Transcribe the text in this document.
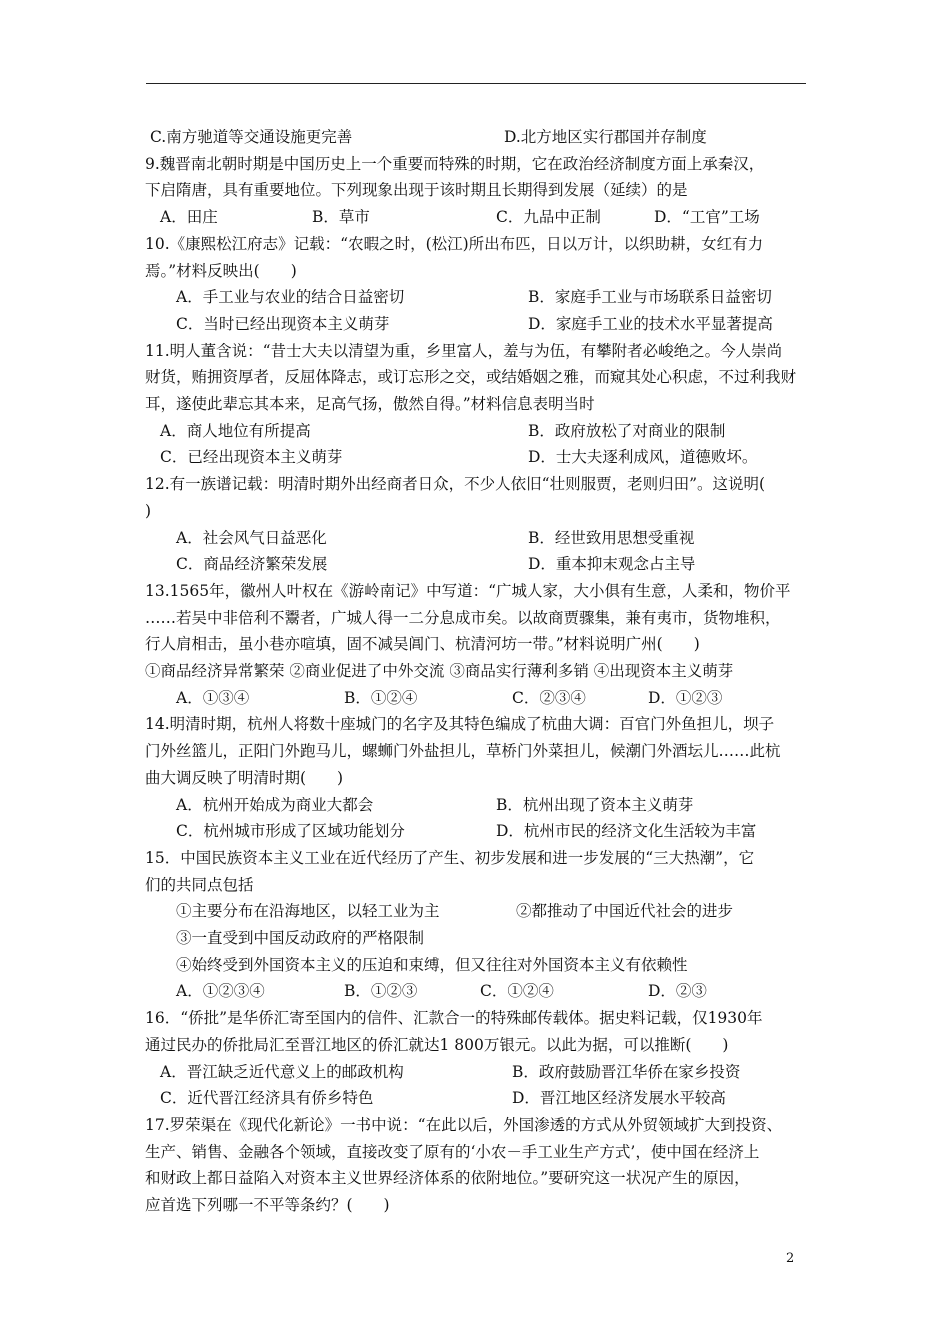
C.南方驰道等交通设施更完善	D.北方地区实行郡国并存制度
9.魏晋南北朝时期是中国历史上一个重要而特殊的时期，它在政治经济制度方面上承秦汉，
下启隋唐，具有重要地位。下列现象出现于该时期且长期得到发展（延续）的是
A．田庄	B．草市	C．九品中正制	D．“工官”工场
10.《康熙松江府志》记载：“农暇之时，(松江)所出布匹，日以万计，以织助耕，女红有力
焉。”材料反映出(　　)
A．手工业与农业的结合日益密切	B．家庭手工业与市场联系日益密切
C．当时已经出现资本主义萌芽	D．家庭手工业的技术水平显著提高
11.明人董含说：“昔士大夫以清望为重，乡里富人，羞与为伍，有攀附者必峻绝之。今人崇尚
财货，贿拥资厚者，反屈体降志，或订忘形之交，或结婚姻之雅，而窥其处心积虑，不过利我财
耳，遂使此辈忘其本来，足高气扬，傲然自得。”材料信息表明当时
A．商人地位有所提高	B．政府放松了对商业的限制
C．已经出现资本主义萌芽	D．士大夫逐利成风，道德败坏。
12.有一族谱记载：明清时期外出经商者日众，不少人依旧“壮则服贾，老则归田”。这说明(
)
A．社会风气日益恶化	B．经世致用思想受重视
C．商品经济繁荣发展	D．重本抑末观念占主导
13.1565年，徽州人叶权在《游岭南记》中写道：“广城人家，大小俱有生意，人柔和，物价平
……若吴中非倍利不鬻者，广城人得一二分息成市矣。以故商贾骤集，兼有夷市，货物堆积，
行人肩相击，虽小巷亦喧填，固不减吴阊门、杭清河坊一带。”材料说明广州(　　)
①商品经济异常繁荣 ②商业促进了中外交流 ③商品实行薄利多销 ④出现资本主义萌芽
A．①③④	B．①②④	C．②③④	D．①②③
14.明清时期，杭州人将数十座城门的名字及其特色编成了杭曲大调：百官门外鱼担儿，坝子
门外丝篮儿，正阳门外跑马儿，螺蛳门外盐担儿，草桥门外菜担儿，候潮门外酒坛儿……此杭
曲大调反映了明清时期(　　)
A．杭州开始成为商业大都会	B．杭州出现了资本主义萌芽
C．杭州城市形成了区域功能划分	D．杭州市民的经济文化生活较为丰富
15．中国民族资本主义工业在近代经历了产生、初步发展和进一步发展的“三大热潮”，它
们的共同点包括
①主要分布在沿海地区，以轻工业为主	②都推动了中国近代社会的进步
③一直受到中国反动政府的严格限制
④始终受到外国资本主义的压迫和束缚，但又往往对外国资本主义有依赖性
A．①②③④	B．①②③	C．①②④	D．②③
16．“侨批”是华侨汇寄至国内的信件、汇款合一的特殊邮传载体。据史料记载，仅1930年
通过民办的侨批局汇至晋江地区的侨汇就达1 800万银元。以此为据，可以推断(　　)
A．晋江缺乏近代意义上的邮政机构	B．政府鼓励晋江华侨在家乡投资
C．近代晋江经济具有侨乡特色	D．晋江地区经济发展水平较高
17.罗荣渠在《现代化新论》一书中说：“在此以后，外国渗透的方式从外贸领域扩大到投资、
生产、销售、金融各个领域，直接改变了原有的‘小农－手工业生产方式’，使中国在经济上
和财政上都日益陷入对资本主义世界经济体系的依附地位。”要研究这一状况产生的原因，
应首选下列哪一不平等条约？(　　)
2
